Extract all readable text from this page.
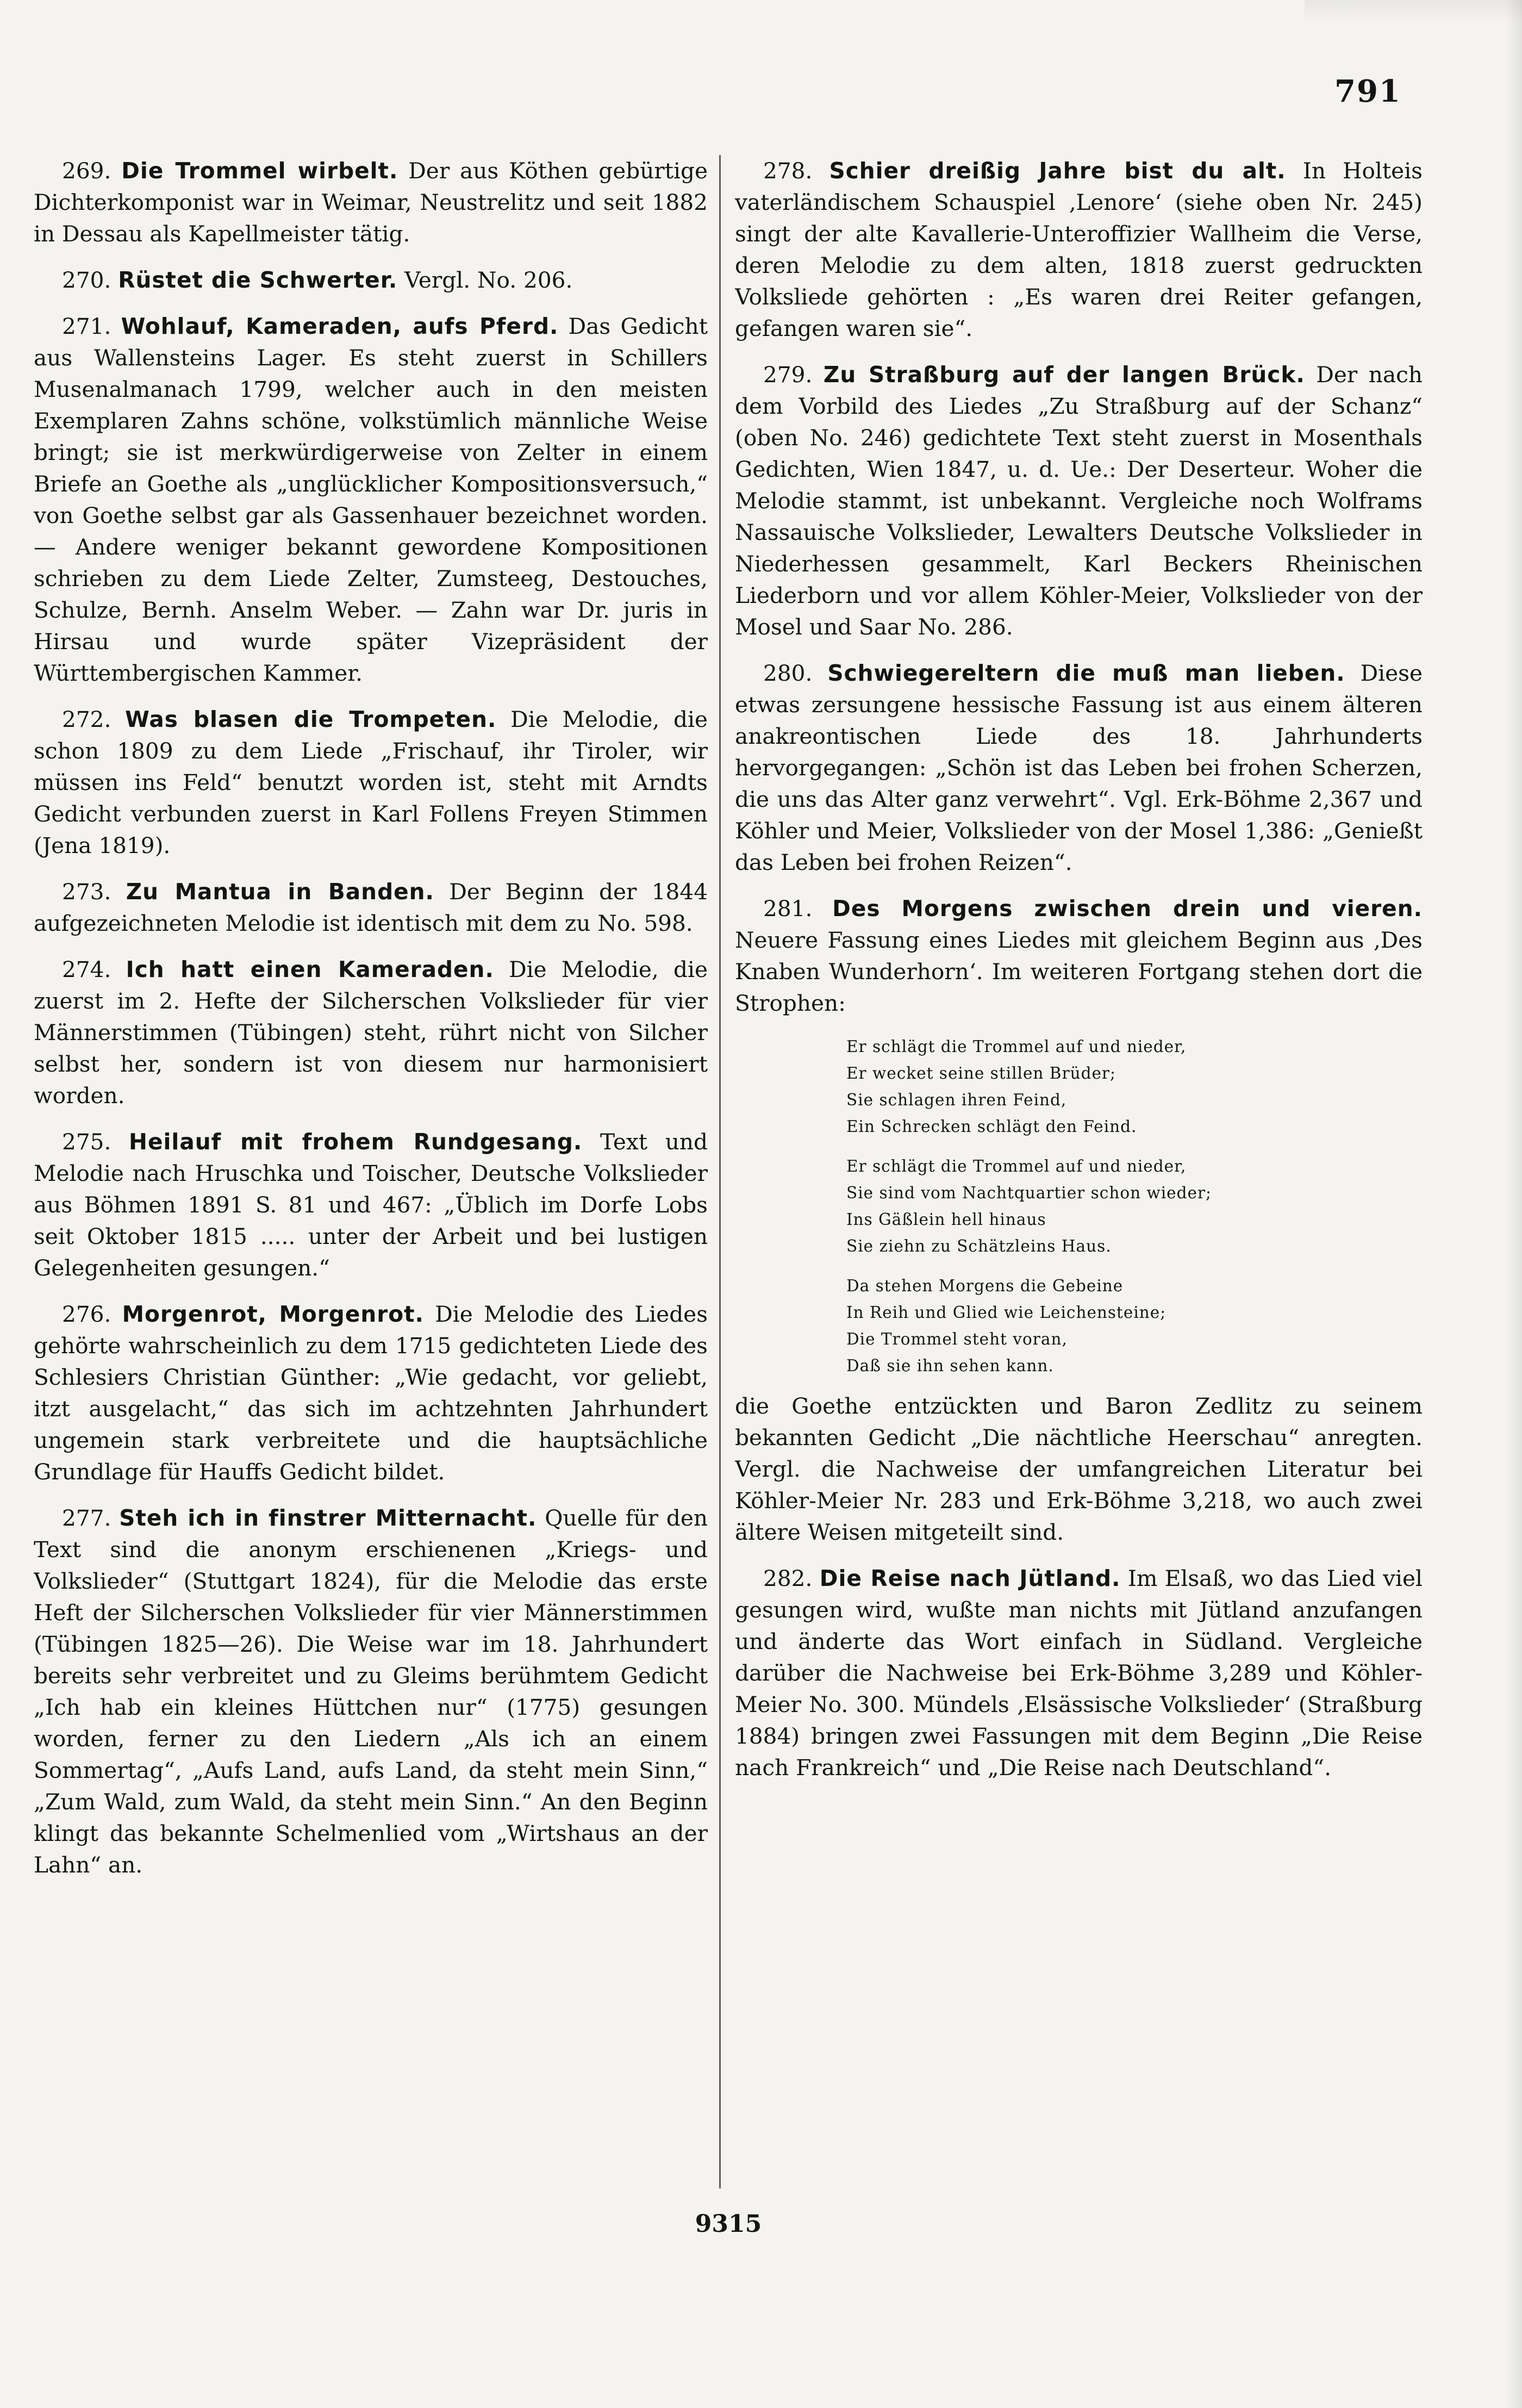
791

269. Die Trommel wirbelt. Der aus Köthen gebürtige Dichterkomponist war in Weimar, Neustrelitz und seit 1882 in Dessau als Kapellmeister tätig.

270. Rüstet die Schwerter. Vergl. No. 206.

271. Wohlauf, Kameraden, aufs Pferd. Das Gedicht aus Wallensteins Lager. Es steht zuerst in Schillers Musenalmanach 1799, welcher auch in den meisten Exemplaren Zahns schöne, volkstümlich männliche Weise bringt; sie ist merkwürdigerweise von Zelter in einem Briefe an Goethe als „unglücklicher Kompositionsversuch,“ von Goethe selbst gar als Gassenhauer bezeichnet worden. — Andere weniger bekannt gewordene Kompositionen schrieben zu dem Liede Zelter, Zumsteeg, Destouches, Schulze, Bernh. Anselm Weber. — Zahn war Dr. juris in Hirsau und wurde später Vizepräsident der Württembergischen Kammer.

272. Was blasen die Trompeten. Die Melodie, die schon 1809 zu dem Liede „Frischauf, ihr Tiroler, wir müssen ins Feld“ benutzt worden ist, steht mit Arndts Gedicht verbunden zuerst in Karl Follens Freyen Stimmen (Jena 1819).

273. Zu Mantua in Banden. Der Beginn der 1844 aufgezeichneten Melodie ist identisch mit dem zu No. 598.

274. Ich hatt einen Kameraden. Die Melodie, die zuerst im 2. Hefte der Silcherschen Volkslieder für vier Männerstimmen (Tübingen) steht, rührt nicht von Silcher selbst her, sondern ist von diesem nur harmonisiert worden.

275. Heilauf mit frohem Rundgesang. Text und Melodie nach Hruschka und Toischer, Deutsche Volkslieder aus Böhmen 1891 S. 81 und 467: „Üblich im Dorfe Lobs seit Oktober 1815 ..... unter der Arbeit und bei lustigen Gelegenheiten gesungen.“

276. Morgenrot, Morgenrot. Die Melodie des Liedes gehörte wahrscheinlich zu dem 1715 gedichteten Liede des Schlesiers Christian Günther: „Wie gedacht, vor geliebt, itzt ausgelacht,“ das sich im achtzehnten Jahrhundert ungemein stark verbreitete und die hauptsächliche Grundlage für Hauffs Gedicht bildet.

277. Steh ich in finstrer Mitternacht. Quelle für den Text sind die anonym erschienenen „Kriegs- und Volkslieder“ (Stuttgart 1824), für die Melodie das erste Heft der Silcherschen Volkslieder für vier Männerstimmen (Tübingen 1825—26). Die Weise war im 18. Jahrhundert bereits sehr verbreitet und zu Gleims berühmtem Gedicht „Ich hab ein kleines Hüttchen nur“ (1775) gesungen worden, ferner zu den Liedern „Als ich an einem Sommertag“, „Aufs Land, aufs Land, da steht mein Sinn,“ „Zum Wald, zum Wald, da steht mein Sinn.“ An den Beginn klingt das bekannte Schelmenlied vom „Wirtshaus an der Lahn“ an.

278. Schier dreißig Jahre bist du alt. In Holteis vaterländischem Schauspiel ‚Lenore‘ (siehe oben Nr. 245) singt der alte Kavallerie-Unteroffizier Wallheim die Verse, deren Melodie zu dem alten, 1818 zuerst gedruckten Volksliede gehörten : „Es waren drei Reiter gefangen, gefangen waren sie“.

279. Zu Straßburg auf der langen Brück. Der nach dem Vorbild des Liedes „Zu Straßburg auf der Schanz“ (oben No. 246) gedichtete Text steht zuerst in Mosenthals Gedichten, Wien 1847, u. d. Ue.: Der Deserteur. Woher die Melodie stammt, ist unbekannt. Vergleiche noch Wolframs Nassauische Volkslieder, Lewalters Deutsche Volkslieder in Niederhessen gesammelt, Karl Beckers Rheinischen Liederborn und vor allem Köhler-Meier, Volkslieder von der Mosel und Saar No. 286.

280. Schwiegereltern die muß man lieben. Diese etwas zersungene hessische Fassung ist aus einem älteren anakreontischen Liede des 18. Jahrhunderts hervorgegangen: „Schön ist das Leben bei frohen Scherzen, die uns das Alter ganz verwehrt“. Vgl. Erk-Böhme 2,367 und Köhler und Meier, Volkslieder von der Mosel 1,386: „Genießt das Leben bei frohen Reizen“.

281. Des Morgens zwischen drein und vieren. Neuere Fassung eines Liedes mit gleichem Beginn aus ‚Des Knaben Wunderhorn‘. Im weiteren Fortgang stehen dort die Strophen:

Er schlägt die Trommel auf und nieder,
Er wecket seine stillen Brüder;
Sie schlagen ihren Feind,
Ein Schrecken schlägt den Feind.
Er schlägt die Trommel auf und nieder,
Sie sind vom Nachtquartier schon wieder;
Ins Gäßlein hell hinaus
Sie ziehn zu Schätzleins Haus.
Da stehen Morgens die Gebeine
In Reih und Glied wie Leichensteine;
Die Trommel steht voran,
Daß sie ihn sehen kann.

die Goethe entzückten und Baron Zedlitz zu seinem bekannten Gedicht „Die nächtliche Heerschau“ anregten. Vergl. die Nachweise der umfangreichen Literatur bei Köhler-Meier Nr. 283 und Erk-Böhme 3,218, wo auch zwei ältere Weisen mitgeteilt sind.

282. Die Reise nach Jütland. Im Elsaß, wo das Lied viel gesungen wird, wußte man nichts mit Jütland anzufangen und änderte das Wort einfach in Südland. Vergleiche darüber die Nachweise bei Erk-Böhme 3,289 und Köhler-Meier No. 300. Mündels ‚Elsässische Volkslieder‘ (Straßburg 1884) bringen zwei Fassungen mit dem Beginn „Die Reise nach Frankreich“ und „Die Reise nach Deutschland“.

9315
